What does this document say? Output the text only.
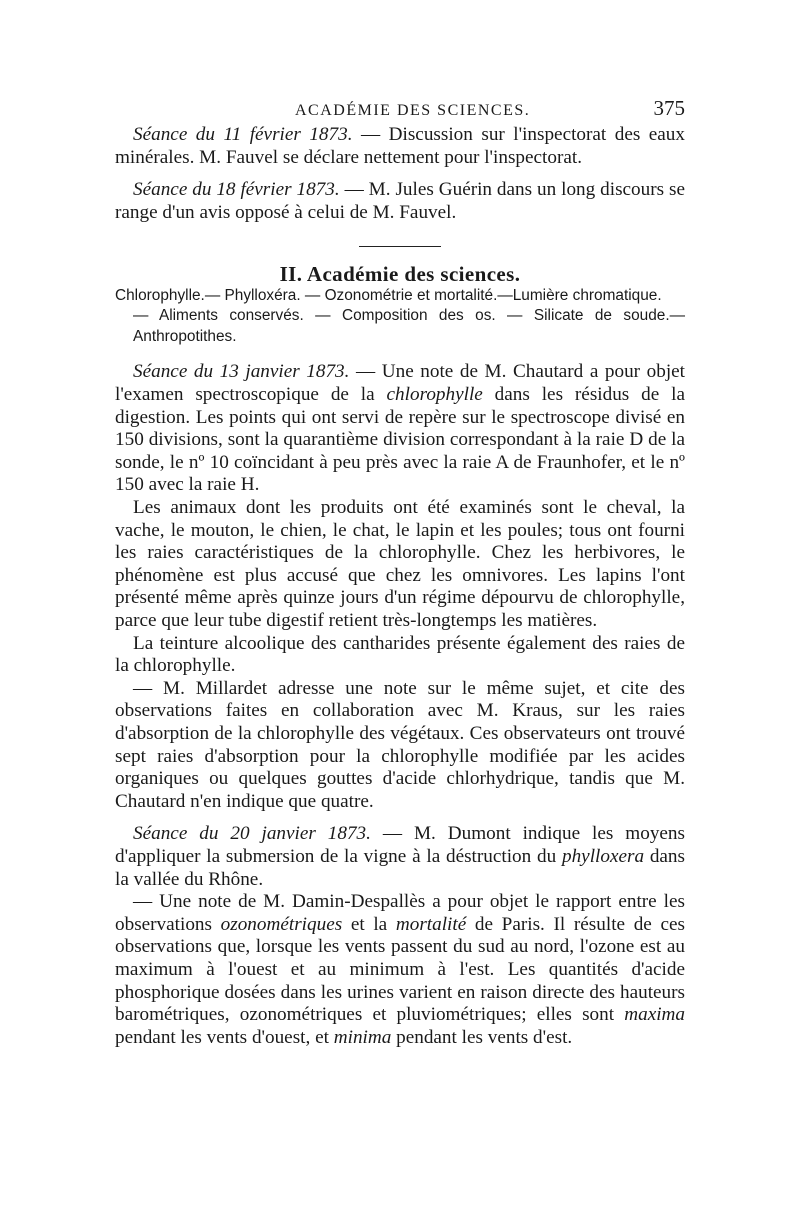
ACADÉMIE DES SCIENCES.	375

Séance du 11 février 1873. — Discussion sur l'inspectorat des eaux minérales. M. Fauvel se déclare nettement pour l'inspectorat.

Séance du 18 février 1873. — M. Jules Guérin dans un long discours se range d'un avis opposé à celui de M. Fauvel.

II. Académie des sciences.

Chlorophylle.— Phylloxéra. — Ozonométrie et mortalité.—Lumière chromatique.
— Aliments conservés. — Composition des os. — Silicate de soude.— Anthropotithes.

Séance du 13 janvier 1873. — Une note de M. Chautard a pour objet l'examen spectroscopique de la chlorophylle dans les résidus de la digestion. Les points qui ont servi de repère sur le spectroscope divisé en 150 divisions, sont la quarantième division correspondant à la raie D de la sonde, le nº 10 coïncidant à peu près avec la raie A de Fraunhofer, et le nº 150 avec la raie H.

Les animaux dont les produits ont été examinés sont le cheval, la vache, le mouton, le chien, le chat, le lapin et les poules; tous ont fourni les raies caractéristiques de la chlorophylle. Chez les herbivores, le phénomène est plus accusé que chez les omnivores. Les lapins l'ont présenté même après quinze jours d'un régime dépourvu de chlorophylle, parce que leur tube digestif retient très-longtemps les matières.

La teinture alcoolique des cantharides présente également des raies de la chlorophylle.

— M. Millardet adresse une note sur le même sujet, et cite des observations faites en collaboration avec M. Kraus, sur les raies d'absorption de la chlorophylle des végétaux. Ces observateurs ont trouvé sept raies d'absorption pour la chlorophylle modifiée par les acides organiques ou quelques gouttes d'acide chlorhydrique, tandis que M. Chautard n'en indique que quatre.

Séance du 20 janvier 1873. — M. Dumont indique les moyens d'appliquer la submersion de la vigne à la déstruction du phylloxera dans la vallée du Rhône.

— Une note de M. Damin-Despallès a pour objet le rapport entre les observations ozonométriques et la mortalité de Paris. Il résulte de ces observations que, lorsque les vents passent du sud au nord, l'ozone est au maximum à l'ouest et au minimum à l'est. Les quantités d'acide phosphorique dosées dans les urines varient en raison directe des hauteurs barométriques, ozonométriques et pluviométriques; elles sont maxima pendant les vents d'ouest, et minima pendant les vents d'est.
